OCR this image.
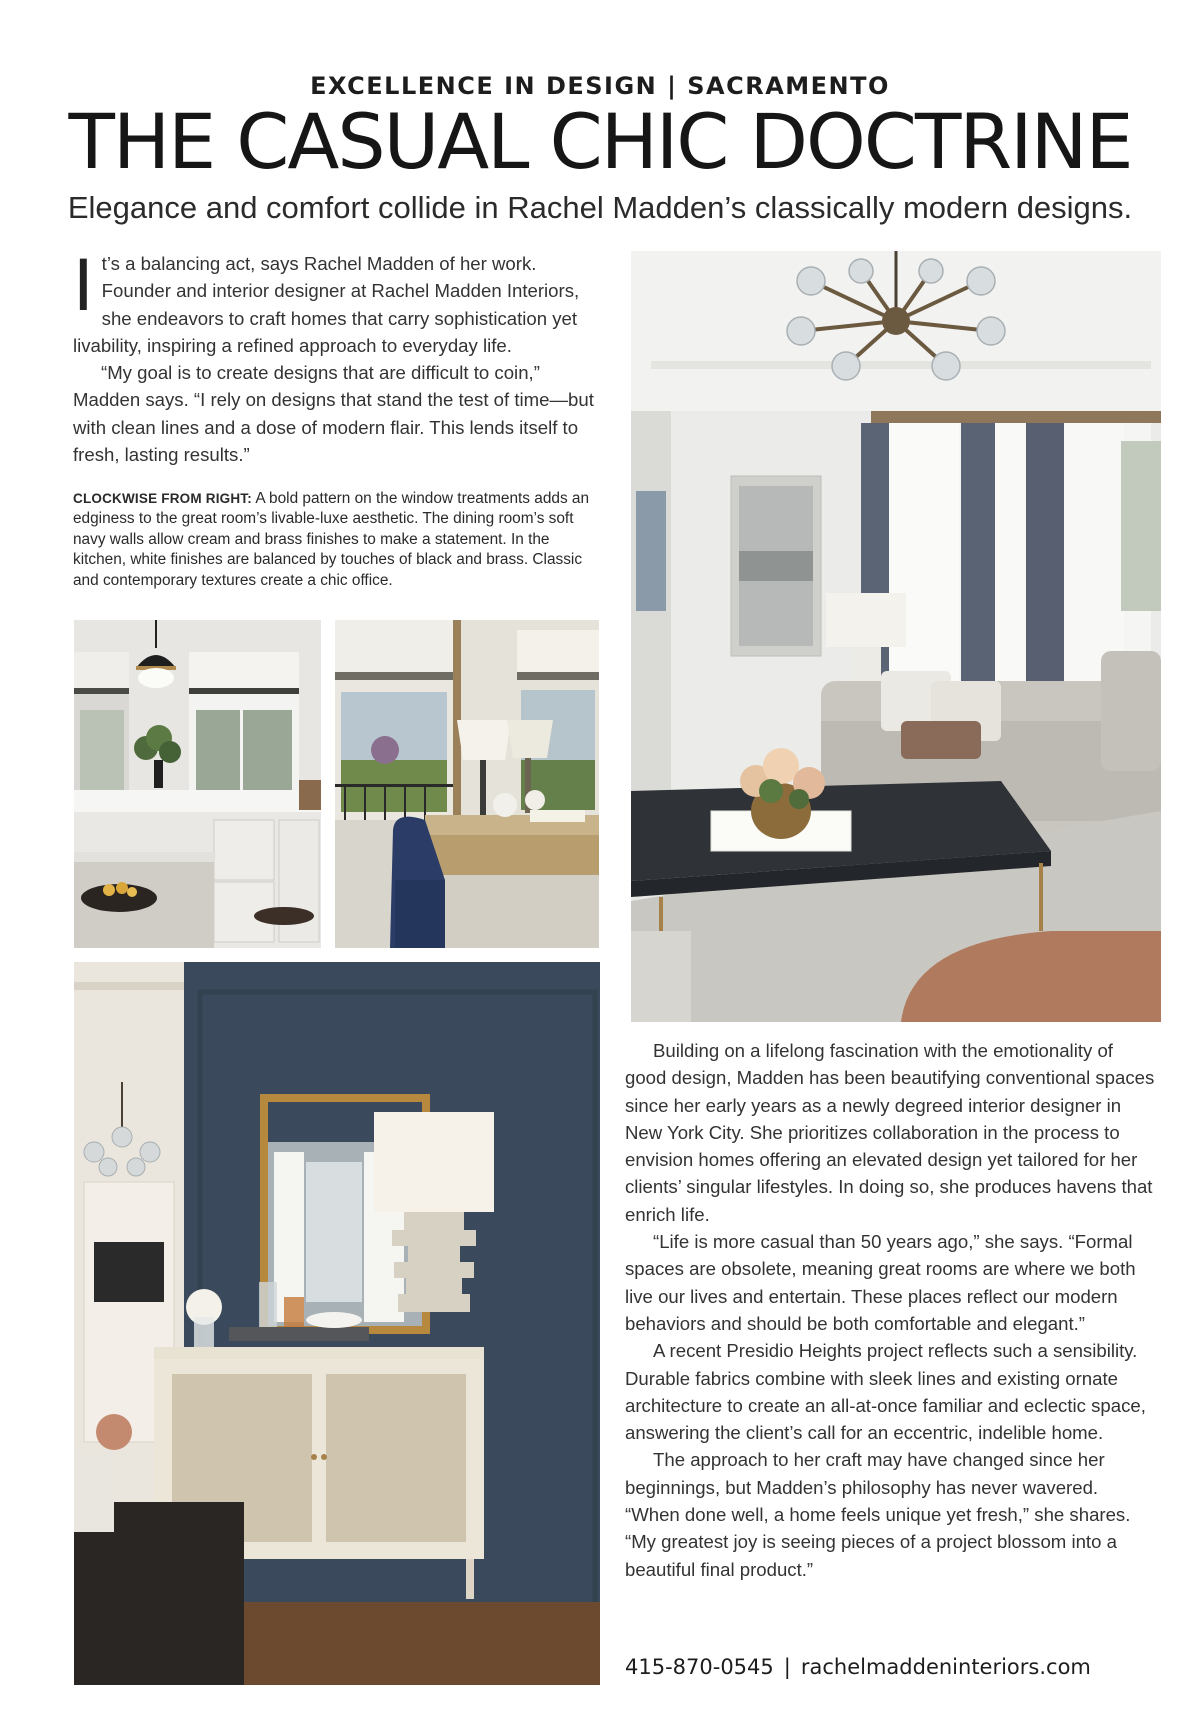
EXCELLENCE IN DESIGN | SACRAMENTO
THE CASUAL CHIC DOCTRINE
Elegance and comfort collide in Rachel Madden’s classically modern designs.

It’s a balancing act, says Rachel Madden of her work. Founder and interior designer at Rachel Madden Interiors, she endeavors to craft homes that carry sophistication yet livability, inspiring a refined approach to everyday life.

“My goal is to create designs that are difficult to coin,” Madden says. “I rely on designs that stand the test of time—but with clean lines and a dose of modern flair. This lends itself to fresh, lasting results.”

CLOCKWISE FROM RIGHT: A bold pattern on the window treatments adds an edginess to the great room’s livable-luxe aesthetic. The dining room’s soft navy walls allow cream and brass finishes to make a statement. In the kitchen, white finishes are balanced by touches of black and brass. Classic and contemporary textures create a chic office.

Building on a lifelong fascination with the emotionality of good design, Madden has been beautifying conventional spaces since her early years as a newly degreed interior designer in New York City. She prioritizes collaboration in the process to envision homes offering an elevated design yet tailored for her clients’ singular lifestyles. In doing so, she produces havens that enrich life.

“Life is more casual than 50 years ago,” she says. “Formal spaces are obsolete, meaning great rooms are where we both live our lives and entertain. These places reflect our modern behaviors and should be both comfortable and elegant.”

A recent Presidio Heights project reflects such a sensibility. Durable fabrics combine with sleek lines and existing ornate architecture to create an all-at-once familiar and eclectic space, answering the client’s call for an eccentric, indelible home.

The approach to her craft may have changed since her beginnings, but Madden’s philosophy has never wavered. “When done well, a home feels unique yet fresh,” she shares. “My greatest joy is seeing pieces of a project blossom into a beautiful final product.”

415-870-0545 | rachelmaddeninteriors.com
